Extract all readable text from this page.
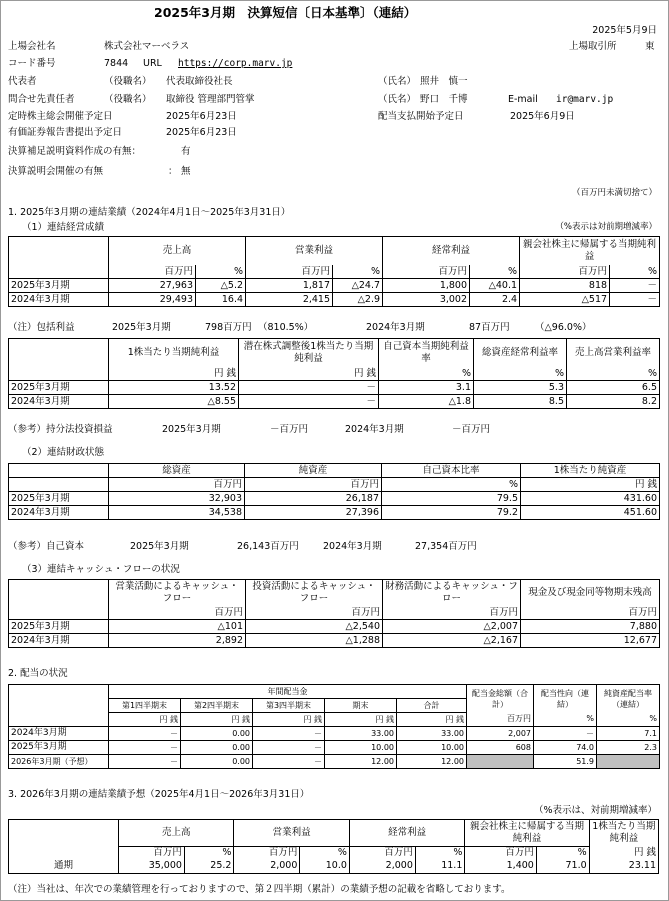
2025年3月期　決算短信〔日本基準〕（連結）
2025年5月9日
上場会社名	株式会社マーベラス	上場取引所	東
コード番号	7844 URL https://corp.marv.jp
代表者	（役職名） 代表取締役社長	（氏名） 照井　慎一
問合せ先責任者	（役職名） 取締役 管理部門管掌	（氏名） 野口　千博	E-mail ir@marv.jp
定時株主総会開催予定日	2025年6月23日	配当支払開始予定日	2025年6月9日
有価証券報告書提出予定日	2025年6月23日
決算補足説明資料作成の有無：	有
決算説明会開催の有無	： 無
（百万円未満切捨て）
1. 2025年3月期の連結業績（2024年4月1日～2025年3月31日）
（1）連結経営成績	（%表示は対前期増減率）
	売上高		営業利益		経常利益		親会社株主に帰属する当期純利益	
	百万円	%	百万円	%	百万円	%	百万円	%
2025年3月期	27,963	△5.2	1,817	△24.7	1,800	△40.1	818	－
2024年3月期	29,493	16.4	2,415	△2.9	3,002	2.4	△517	－
（注）包括利益	2025年3月期	798百万円 （810.5%）	2024年3月期	87百万円	（△96.0%）
	1株当たり当期純利益	潜在株式調整後1株当たり当期純利益	自己資本当期純利益率	総資産経常利益率	売上高営業利益率
	円 銭	円 銭	%	%	%
2025年3月期	13.52	－	3.1	5.3	6.5
2024年3月期	△8.55	－	△1.8	8.5	8.2
（参考）持分法投資損益	2025年3月期	－百万円	2024年3月期	－百万円
（2）連結財政状態
	総資産	純資産	自己資本比率	1株当たり純資産
	百万円	百万円	%	円 銭
2025年3月期	32,903	26,187	79.5	431.60
2024年3月期	34,538	27,396	79.2	451.60
（参考）自己資本	2025年3月期	26,143百万円	2024年3月期	27,354百万円
（3）連結キャッシュ・フローの状況
	営業活動によるキャッシュ・フロー	投資活動によるキャッシュ・フロー	財務活動によるキャッシュ・フロー	現金及び現金同等物期末残高
	百万円	百万円	百万円	百万円
2025年3月期	△101	△2,540	△2,007	7,880
2024年3月期	2,892	△1,288	△2,167	12,677
2. 配当の状況
	年間配当金					配当金総額（合計）	配当性向（連結）	純資産配当率（連結）
	第1四半期末	第2四半期末	第3四半期末	期末	合計			
	円 銭	円 銭	円 銭	円 銭	円 銭	百万円	%	%
2024年3月期	－	0.00	－	33.00	33.00	2,007	－	7.1
2025年3月期	－	0.00	－	10.00	10.00	608	74.0	2.3
2026年3月期（予想）	－	0.00	－	12.00	12.00		51.9	
3. 2026年3月期の連結業績予想（2025年4月1日～2026年3月31日）
（%表示は、対前期増減率）
	売上高		営業利益		経常利益		親会社株主に帰属する当期純利益		1株当たり当期純利益
	百万円	%	百万円	%	百万円	%	百万円	%	円 銭
通期	35,000	25.2	2,000	10.0	2,000	11.1	1,400	71.0	23.11
（注）当社は、年次での業績管理を行っておりますので、第２四半期（累計）の業績予想の記載を省略しております。
